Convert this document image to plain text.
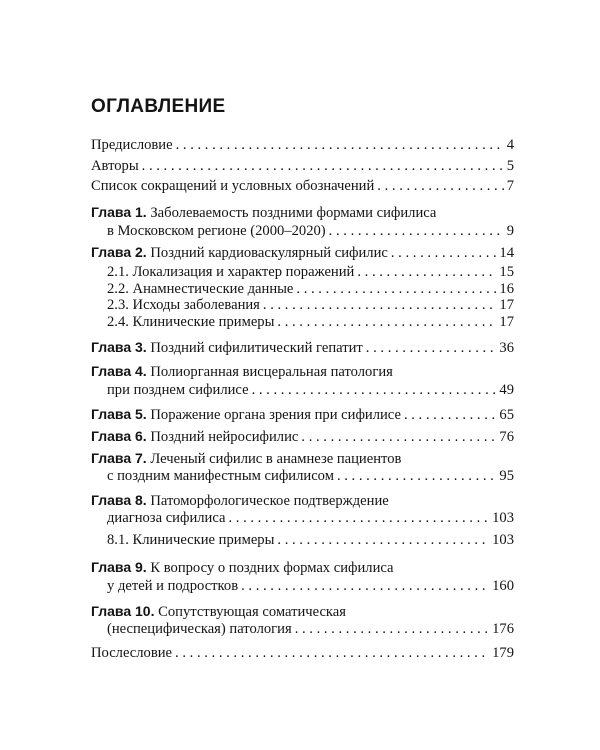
ОГЛАВЛЕНИЕ
Предисловие . . .	4
Авторы . . .	5
Список сокращений и условных обозначений . . .	7
Глава 1. Заболеваемость поздними формами сифилиса
в Московском регионе (2000–2020) . . .	9
Глава 2. Поздний кардиоваскулярный сифилис . . .	14
2.1. Локализация и характер поражений . . .	15
2.2. Анамнестические данные . . .	16
2.3. Исходы заболевания . . .	17
2.4. Клинические примеры . . .	17
Глава 3. Поздний сифилитический гепатит . . .	36
Глава 4. Полиорганная висцеральная патология
при позднем сифилисе . . .	49
Глава 5. Поражение органа зрения при сифилисе . . .	65
Глава 6. Поздний нейросифилис . . .	76
Глава 7. Леченый сифилис в анамнезе пациентов
с поздним манифестным сифилисом . . .	95
Глава 8. Патоморфологическое подтверждение
диагноза сифилиса . . .	103
8.1. Клинические примеры . . .	103
Глава 9. К вопросу о поздних формах сифилиса
у детей и подростков . . .	160
Глава 10. Сопутствующая соматическая
(неспецифическая) патология . . .	176
Послесловие . . .	179
